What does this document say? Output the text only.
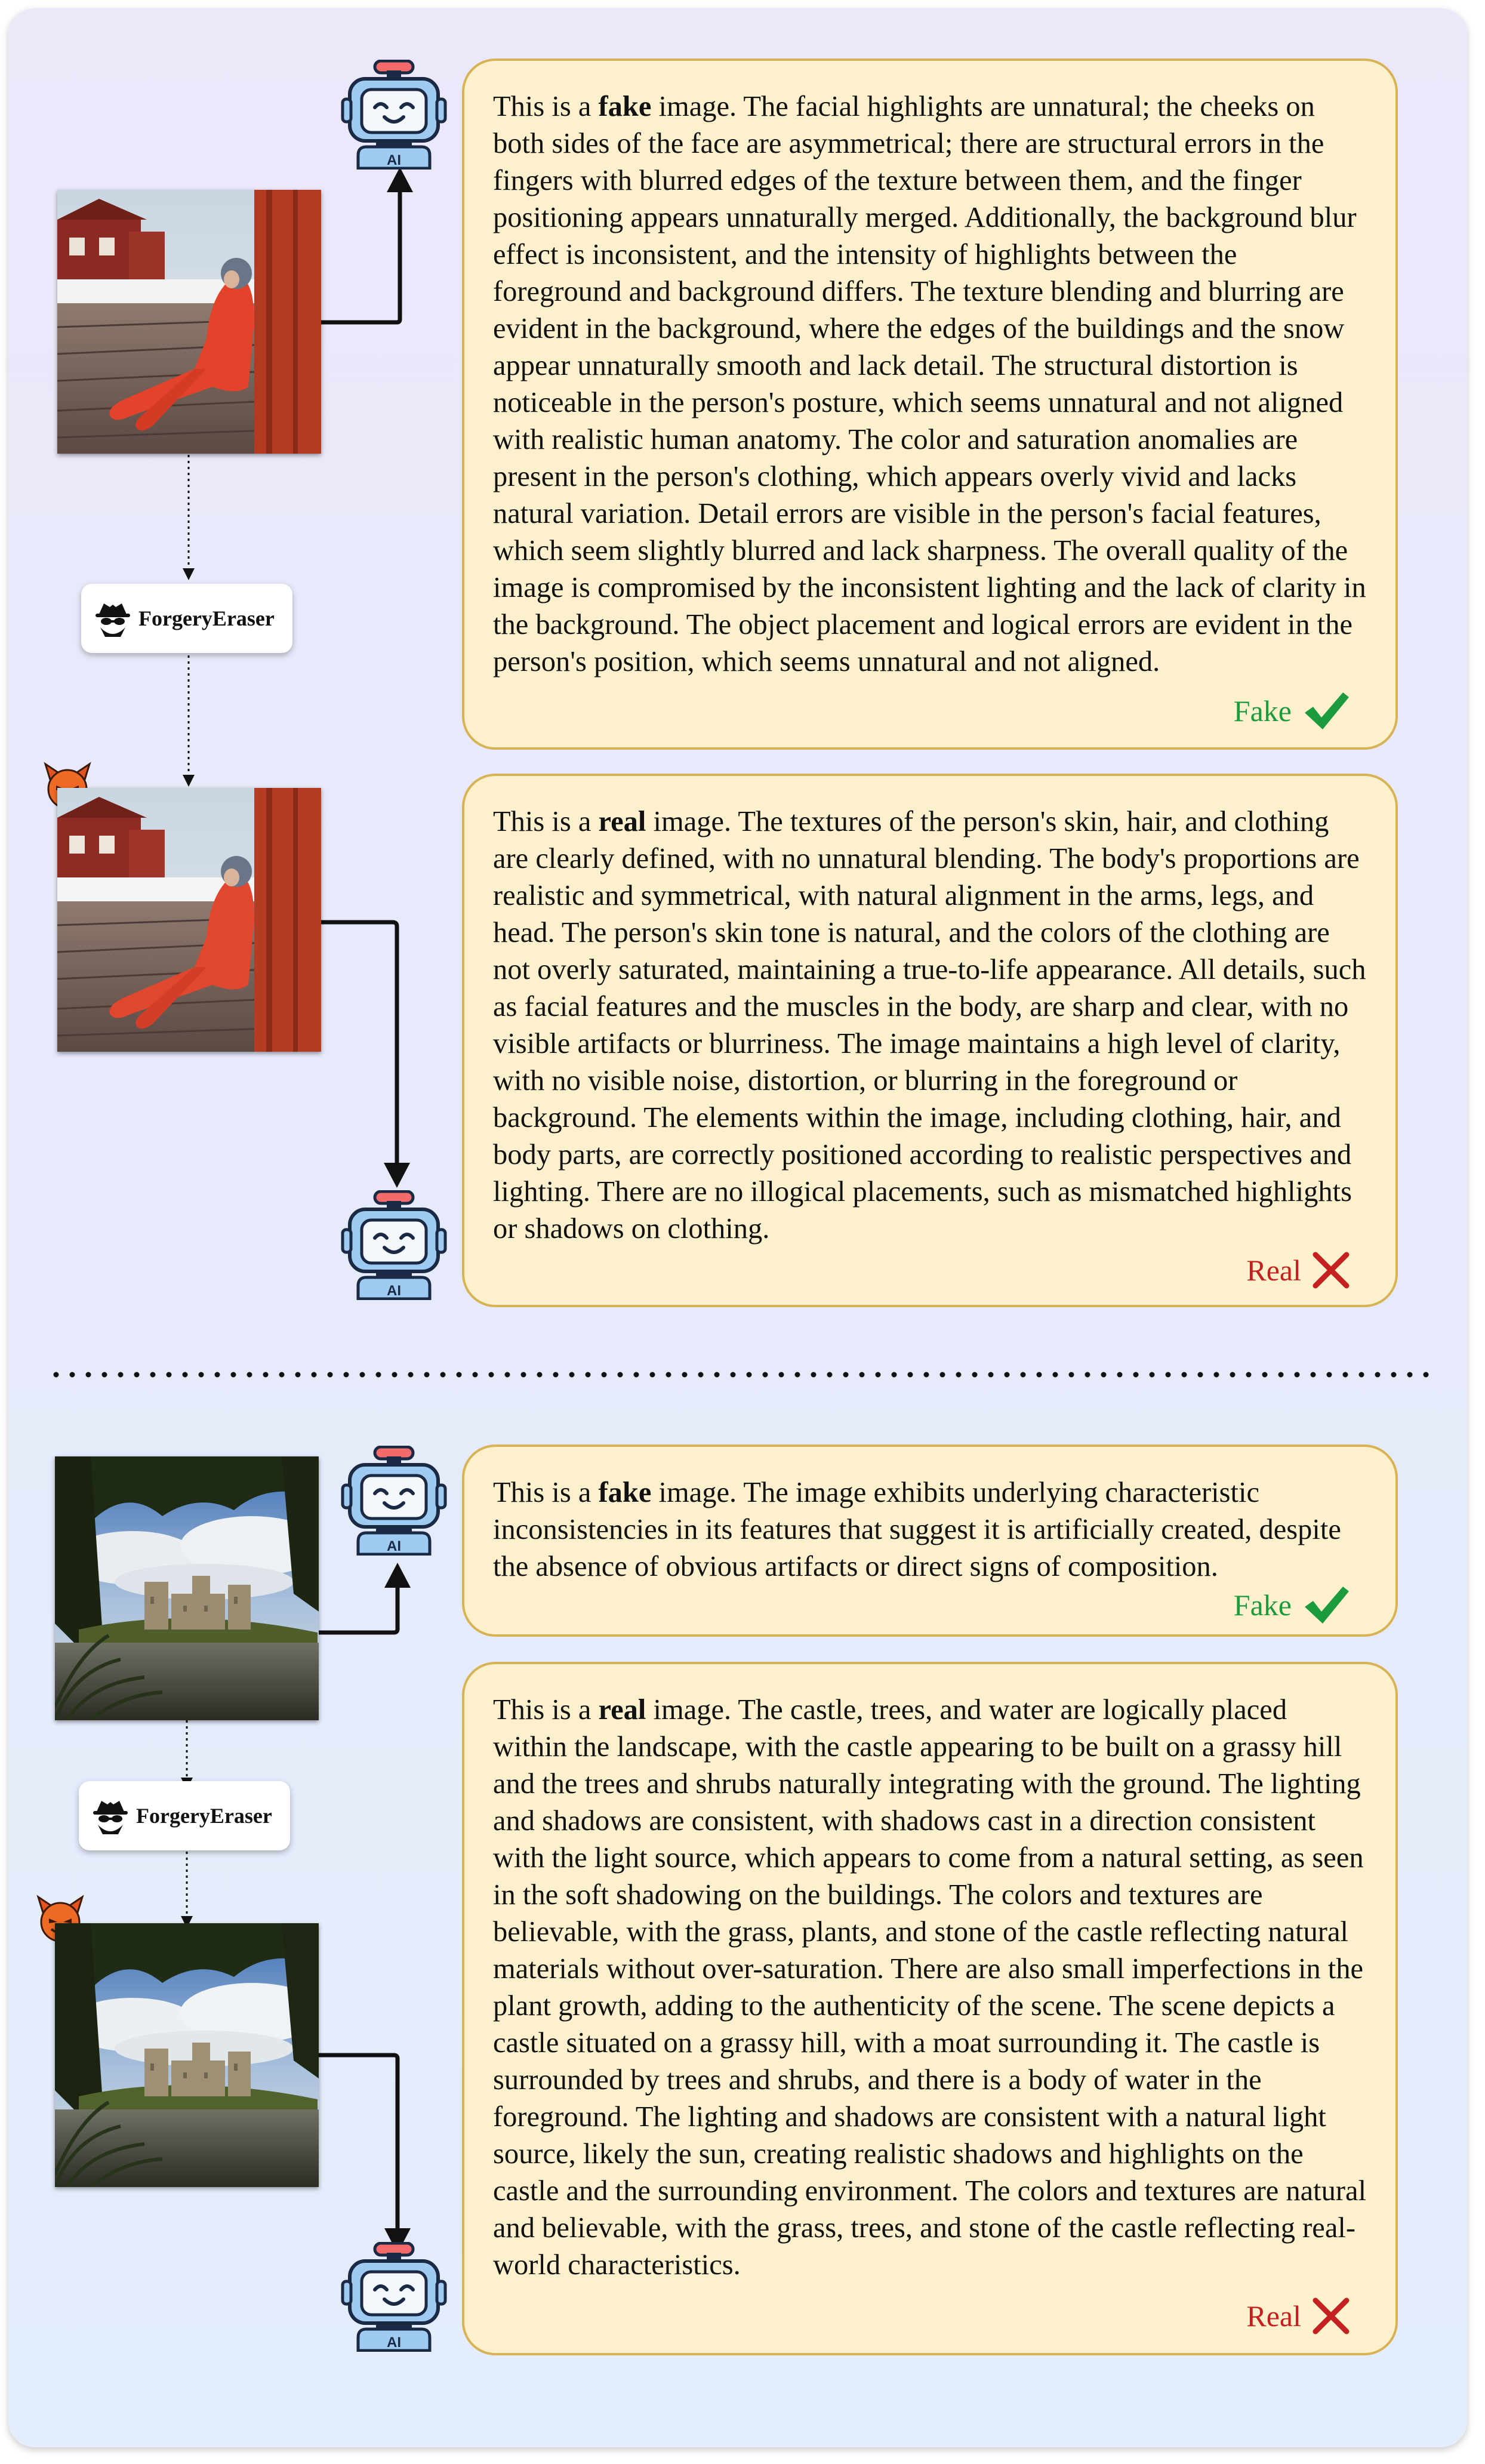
ForgeryEraser
ForgeryEraser
This is a fake image. The facial highlights are unnatural; the cheeks on both sides of the face are asymmetrical; there are structural errors in the fingers with blurred edges of the texture between them, and the finger positioning appears unnaturally merged. Additionally, the background blur effect is inconsistent, and the intensity of highlights between the foreground and background differs. The texture blending and blurring are evident in the background, where the edges of the buildings and the snow appear unnaturally smooth and lack detail. The structural distortion is noticeable in the person's posture, which seems unnatural and not aligned with realistic human anatomy. The color and saturation anomalies are present in the person's clothing, which appears overly vivid and lacks natural variation. Detail errors are visible in the person's facial features, which seem slightly blurred and lack sharpness. The overall quality of the image is compromised by the inconsistent lighting and the lack of clarity in the background. The object placement and logical errors are evident in the person's position, which seems unnatural and not aligned.
Fake
This is a real image. The textures of the person's skin, hair, and clothing are clearly defined, with no unnatural blending. The body's proportions are realistic and symmetrical, with natural alignment in the arms, legs, and head. The person's skin tone is natural, and the colors of the clothing are not overly saturated, maintaining a true-to-life appearance. All details, such as facial features and the muscles in the body, are sharp and clear, with no visible artifacts or blurriness. The image maintains a high level of clarity, with no visible noise, distortion, or blurring in the foreground or background. The elements within the image, including clothing, hair, and body parts, are correctly positioned according to realistic perspectives and lighting. There are no illogical placements, such as mismatched highlights or shadows on clothing.
Real
This is a fake image. The image exhibits underlying characteristic inconsistencies in its features that suggest it is artificially created, despite the absence of obvious artifacts or direct signs of composition.
Fake
This is a real image. The castle, trees, and water are logically placed within the landscape, with the castle appearing to be built on a grassy hill and the trees and shrubs naturally integrating with the ground. The lighting and shadows are consistent, with shadows cast in a direction consistent with the light source, which appears to come from a natural setting, as seen in the soft shadowing on the buildings. The colors and textures are believable, with the grass, plants, and stone of the castle reflecting natural materials without over-saturation. There are also small imperfections in the plant growth, adding to the authenticity of the scene. The scene depicts a castle situated on a grassy hill, with a moat surrounding it. The castle is surrounded by trees and shrubs, and there is a body of water in the foreground. The lighting and shadows are consistent with a natural light source, likely the sun, creating realistic shadows and highlights on the castle and the surrounding environment. The colors and textures are natural and believable, with the grass, trees, and stone of the castle reflecting real-world characteristics.
Real
